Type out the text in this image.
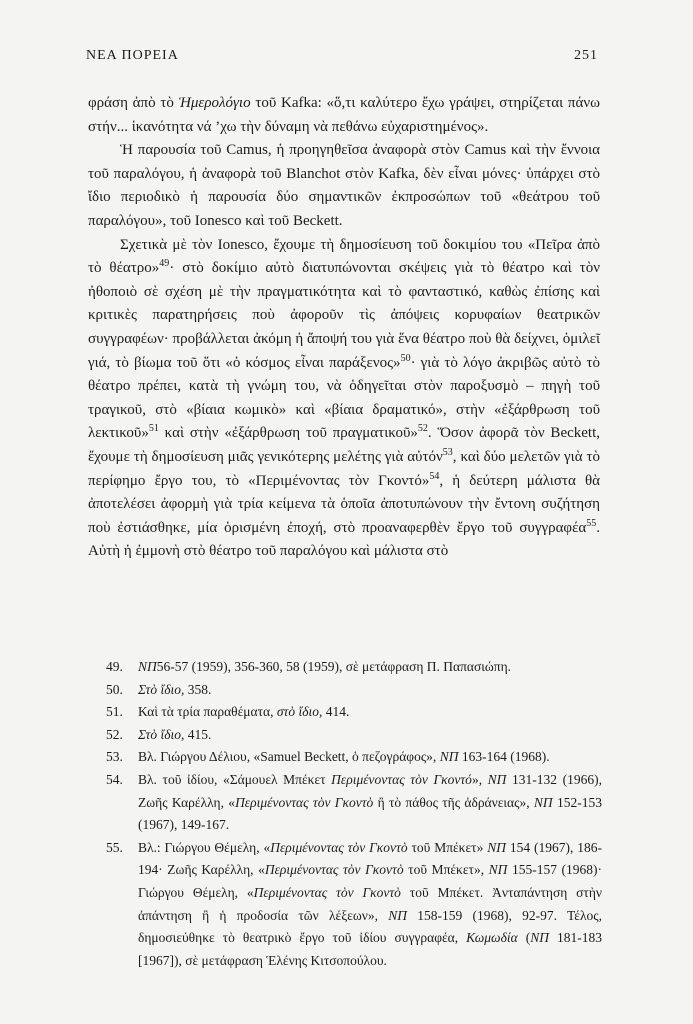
ΝΕΑ ΠΟΡΕΙΑ	251

φράση ἀπὸ τὸ Ἡμερολόγιο τοῦ Kafka: «ὅ,τι καλύτερο ἔχω γράψει, στηρίζεται πάνω στήν... ἱκανότητα νά ’χω τὴν δύναμη νὰ πεθάνω εὐχαριστημένος».

Ἡ παρουσία τοῦ Camus, ἡ προηγηθεῖσα ἀναφορὰ στὸν Camus καὶ τὴν ἔννοια τοῦ παραλόγου, ἡ ἀναφορὰ τοῦ Blanchot στὸν Kafka, δὲν εἶναι μόνες· ὑπάρχει στὸ ἴδιο περιοδικὸ ἡ παρουσία δύο σημαντικῶν ἐκπροσώπων τοῦ «θεάτρου τοῦ παραλόγου», τοῦ Ionesco καὶ τοῦ Beckett.

Σχετικὰ μὲ τὸν Ionesco, ἔχουμε τὴ δημοσίευση τοῦ δοκιμίου του «Πεῖρα ἀπὸ τὸ θέατρο»$^{49}$· στὸ δοκίμιο αὐτὸ διατυπώνονται σκέψεις γιὰ τὸ θέατρο καὶ τὸν ἠθοποιὸ σὲ σχέση μὲ τὴν πραγματικότητα καὶ τὸ φανταστικό, καθὼς ἐπίσης καὶ κριτικὲς παρατηρήσεις ποὺ ἀφοροῦν τὶς ἀπόψεις κορυφαίων θεατρικῶν συγγραφέων· προβάλλεται ἀκόμη ἡ ἄποψή του γιὰ ἕνα θέατρο ποὺ θὰ δείχνει, ὁμιλεῖ γιά, τὸ βίωμα τοῦ ὅτι «ὁ κόσμος εἶναι παράξενος»$^{50}$· γιὰ τὸ λόγο ἀκριβῶς αὐτὸ τὸ θέατρο πρέπει, κατὰ τὴ γνώμη του, νὰ ὁδηγεῖται στὸν παροξυσμὸ – πηγὴ τοῦ τραγικοῦ, στὸ «βίαια κωμικὸ» καὶ «βίαια δραματικό», στὴν «ἐξάρθρωση τοῦ λεκτικοῦ»$^{51}$ καὶ στὴν «ἐξάρθρωση τοῦ πραγματικοῦ»$^{52}$. Ὅσον ἀφορᾶ τὸν Beckett, ἔχουμε τὴ δημοσίευση μιᾶς γενικότερης μελέτης γιὰ αὐτόν$^{53}$, καὶ δύο μελετῶν γιὰ τὸ περίφημο ἔργο του, τὸ «Περιμένοντας τὸν Γκοντό»$^{54}$, ἡ δεύτερη μάλιστα θὰ ἀποτελέσει ἀφορμὴ γιὰ τρία κείμενα τὰ ὁποῖα ἀποτυπώνουν τὴν ἔντονη συζήτηση ποὺ ἐστιάσθηκε, μία ὁρισμένη ἐποχή, στὸ προαναφερθὲν ἔργο τοῦ συγγραφέα$^{55}$. Αὐτὴ ἡ ἐμμονὴ στὸ θέατρο τοῦ παραλόγου καὶ μάλιστα στὸ

49.	ΝΠ56-57 (1959), 356-360, 58 (1959), σὲ μετάφραση Π. Παπασιώπη.
50.	Στὸ ἴδιο, 358.
51.	Καὶ τὰ τρία παραθέματα, στὸ ἴδιο, 414.
52.	Στὸ ἴδιο, 415.
53.	Βλ. Γιώργου Δέλιου, «Samuel Beckett, ὁ πεζογράφος», ΝΠ 163-164 (1968).
54.	Βλ. τοῦ ἰδίου, «Σάμουελ Μπέκετ Περιμένοντας τὸν Γκοντό», ΝΠ 131-132 (1966), Ζωῆς Καρέλλη, «Περιμένοντας τὸν Γκοντὸ ἢ τὸ πάθος τῆς ἀδράνειας», ΝΠ 152-153 (1967), 149-167.
55.	Βλ.: Γιώργου Θέμελη, «Περιμένοντας τὸν Γκοντὸ τοῦ Μπέκετ» ΝΠ 154 (1967), 186-194· Ζωῆς Καρέλλη, «Περιμένοντας τὸν Γκοντὸ τοῦ Μπέκετ», ΝΠ 155-157 (1968)· Γιώργου Θέμελη, «Περιμένοντας τὸν Γκοντὸ τοῦ Μπέκετ. Ἀνταπάντηση στὴν ἀπάντηση ἢ ἡ προδοσία τῶν λέξεων», ΝΠ 158-159 (1968), 92-97. Τέλος, δημοσιεύθηκε τὸ θεατρικὸ ἔργο τοῦ ἰδίου συγγραφέα, Κωμωδία (ΝΠ 181-183 [1967]), σὲ μετάφραση Ἑλένης Κιτσοπούλου.
